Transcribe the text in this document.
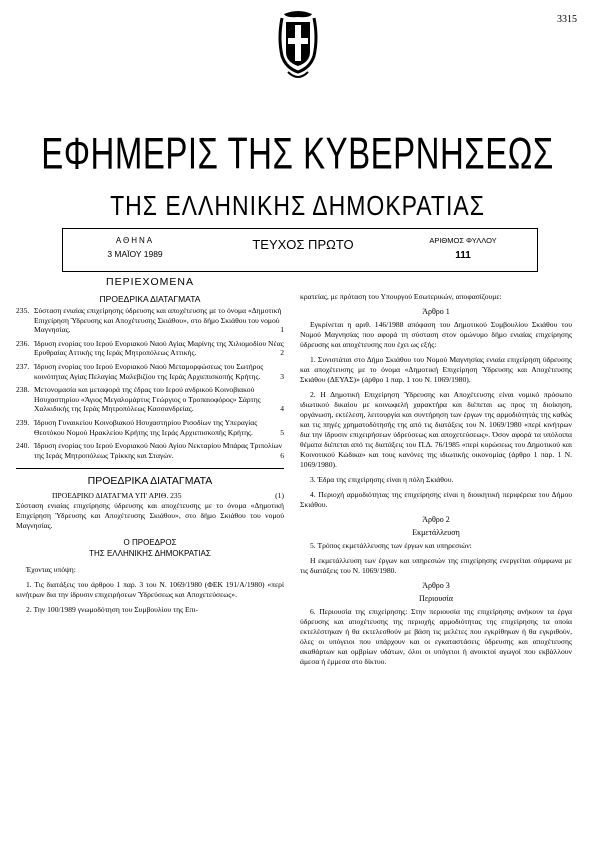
3315
ΕΦΗΜΕΡΙΣ ΤΗΣ ΚΥΒΕΡΝΗΣΕΩΣ
ΤΗΣ ΕΛΛΗΝΙΚΗΣ ΔΗΜΟΚΡΑΤΙΑΣ
ΑΘΗΝΑ
3 ΜΑΪΟΥ 1989
ΤΕΥΧΟΣ ΠΡΩΤΟ	ΑΡΙΘΜΟΣ ΦΥΛΛΟΥ
111
ΠΕΡΙΕΧΟΜΕΝΑ
ΠΡΟΕΔΡΙΚΑ ΔΙΑΤΑΓΜΑΤΑ
235. Σύσταση ενιαίας επιχείρησης ύδρευσης και αποχέτευσης με το όνομα «Δημοτική Επιχείρηση Ύδρευσης και Αποχέτευσης Σκιάθου», στο δήμο Σκιάθου του νομού Μαγνησίας.	1
236. Ίδρυση ενορίας του Ιερού Ενοριακού Ναού Αγίας Μαρίνης της Χιλιομοδίου Νέας Ερυθραίας Αττικής της Ιεράς Μητροπόλεως Αττικής.	2
237. Ίδρυση ενορίας του Ιερού Ενοριακού Ναού Μεταμορφώσεως του Σωτήρος κοινότητας Αγίας Πελαγίας Μαλεβιζίου της Ιεράς Αρχιεπισκοπής Κρήτης.	3
238. Μετονομασία και μεταφορά της έδρας του Ιερού ανδρικού Κοινοβιακού Ησυχαστηρίου «Άγιος Μεγαλομάρτυς Γεώργιος ο Τροπαιοφόρος» Σάρτης Χαλκιδικής της Ιεράς Μητροπόλεως Κασσανδρείας.	4
239. Ίδρυση Γυναικείου Κοινοβιακού Ησυχαστηρίου Ρισοδίων της Υπεραγίας Θεοτόκου Νομού Ηρακλείου Κρήτης της Ιεράς Αρχιεπισκοπής Κρήτης.	5
240. Ίδρυση ενορίας του Ιερού Ενοριακού Ναού Αγίου Νεκταρίου Μπάρας Τριπολίων της Ιεράς Μητροπόλεως Τρίκκης και Σταγών.	6
ΠΡΟΕΔΡΙΚΑ ΔΙΑΤΑΓΜΑΤΑ
ΠΡΟΕΔΡΙΚΟ ΔΙΑΤΑΓΜΑ ΥΠ' ΑΡΙΘ. 235	(1)
Σύσταση ενιαίας επιχείρησης ύδρευσης και αποχέτευσης με το όνομα «Δημοτική Επιχείρηση Ύδρευσης και Αποχέτευσης Σκιάθου», στο δήμο Σκιάθου του νομού Μαγνησίας.
Ο ΠΡΟΕΔΡΟΣ
ΤΗΣ ΕΛΛΗΝΙΚΗΣ ΔΗΜΟΚΡΑΤΙΑΣ
Έχοντας υπόψη:
1. Τις διατάξεις του άρθρου 1 παρ. 3 του Ν. 1069/1980 (ΦΕΚ 191/Α/1980) «περί κινήτρων δια την ίδρυσιν επιχειρήσεων Ύδρεύσεως και Αποχετεύσεως».
2. Την 100/1989 γνωμοδότηση του Συμβουλίου της Επι-
κρατείας, με πρόταση του Υπουργού Εσωτερικών, αποφασίζουμε:
Άρθρο 1
Εγκρίνεται η αριθ. 146/1988 απόφαση του Δημοτικού Συμβουλίου Σκιάθου του Νομού Μαγνησίας που αφορά τη σύσταση στον ομώνυμο δήμο ενιαίας επιχείρησης ύδρευσης και αποχέτευσης που έχει ως εξής:
1. Συνιστάται στο Δήμο Σκιάθου του Νομού Μαγνησίας ενιαία επιχείρηση ύδρευσης και αποχέτευσης με το όνομα «Δημοτική Επιχείρηση Ύδρευσης και Αποχέτευσης Σκιάθου (ΔΕΥΑΣ)» (άρθρο 1 παρ. 1 του Ν. 1069/1980).
2. Η Δημοτική Επιχείρηση Ύδρευσης και Αποχέτευσης είναι νομικό πρόσωπο ιδιωτικού δικαίου με κοινωφελή χαρακτήρα και διέπεται ως προς τη διοίκηση, οργάνωση, εκτέλεση, λειτουργία και συντήρηση των έργων της αρμοδιότητάς της καθώς και τις πηγές χρηματοδότησής της από τις διατάξεις του Ν. 1069/1980 «περί κινήτρων δια την ίδρυσιν επιχειρήσεων ύδρεύσεως και αποχετεύσεως». Όσον αφορά τα υπόλοιπα θέματα διέπεται από τις διατάξεις του Π.Δ. 76/1985 «περί κυρώσεως του Δημοτικού και Κοινοτικού Κώδικα» και τους κανόνες της ιδιωτικής οικονομίας (άρθρο 1 παρ. 1 Ν. 1069/1980).
3. Έδρα της επιχείρησης είναι η πόλη Σκιάθου.
4. Περιοχή αρμοδιότητας της επιχείρησης είναι η διοικητική περιφέρεια του Δήμου Σκιάθου.
Άρθρο 2
Εκμετάλλευση
5. Τρόπος εκμετάλλευσης των έργων και υπηρεσιών:
Η εκμετάλλευση των έργων και υπηρεσιών της επιχείρησης ενεργείται σύμφωνα με τις διατάξεις του Ν. 1069/1980.
Άρθρο 3
Περιουσία
6. Περιουσία της επιχείρησης: Στην περιουσία της επιχείρησης ανήκουν τα έργα ύδρευσης και αποχέτευσης της περιοχής αρμοδιότητας της επιχείρησης τα οποία εκτελέστηκαν ή θα εκτελεσθούν με βάση τις μελέτες που εγκρίθηκαν ή θα εγκριθούν, όλες οι υπόγειοι που υπάρχουν και οι εγκαταστάσεις ύδρευσης και αποχέτευσης ακαθάρτων και ομβρίων υδάτων, όλοι οι υπόγειοι ή ανοικτοί αγωγοί που εκβάλλουν άμεσα ή έμμεσα στο δίκτυο.
